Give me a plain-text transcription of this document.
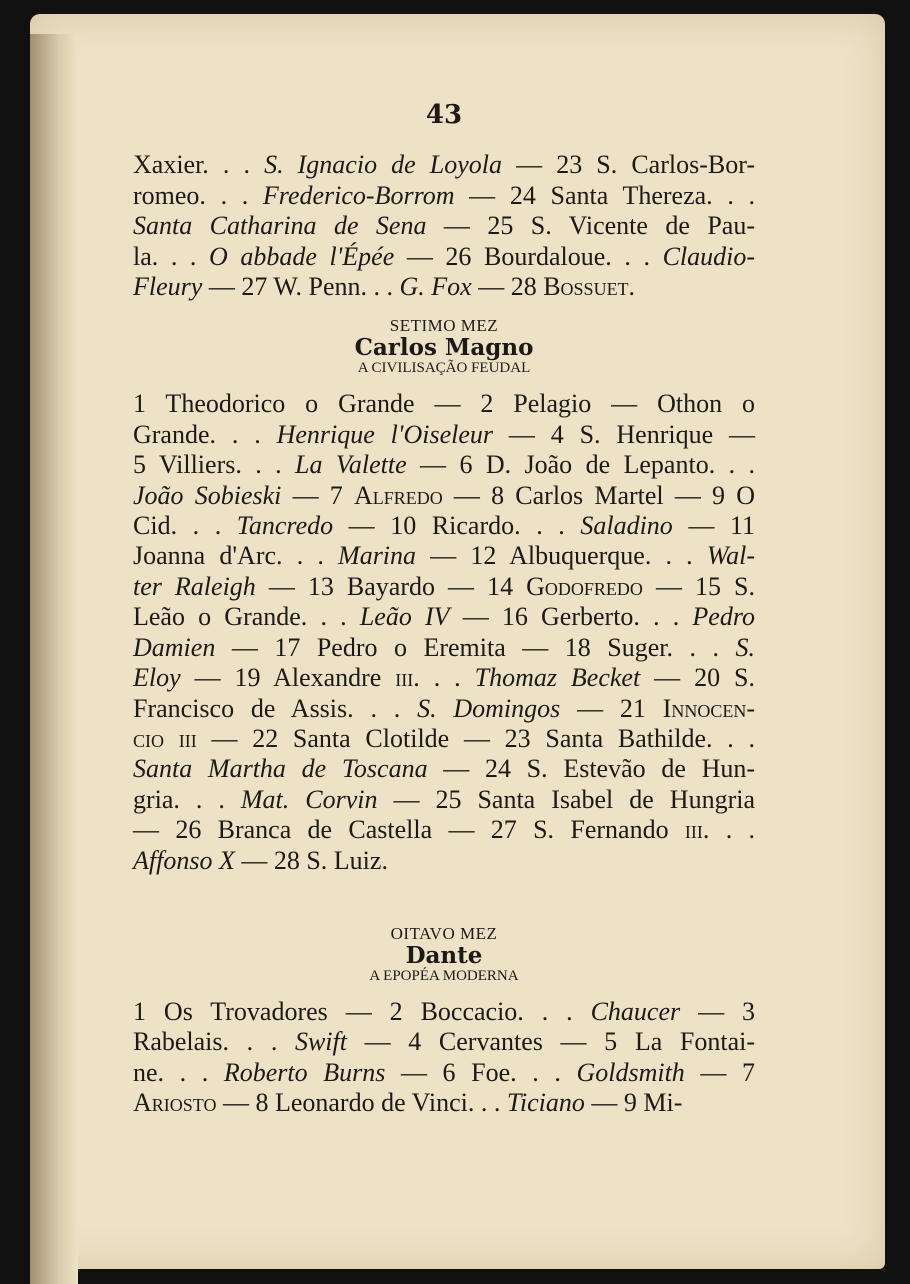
43
Xaxier. . . S. Ignacio de Loyola — 23 S. Carlos-Bor-
romeo. . . Frederico-Borrom — 24 Santa Thereza. . .
Santa Catharina de Sena — 25 S. Vicente de Pau-
la. . . O abbade l'Épée — 26 Bourdaloue. . . Claudio-
Fleury — 27 W. Penn. . . G. Fox — 28 Bossuet.
SETIMO MEZ
Carlos Magno
A CIVILISAÇÃO FEUDAL
1 Theodorico o Grande — 2 Pelagio — Othon o
Grande. . . Henrique l'Oiseleur — 4 S. Henrique —
5 Villiers. . . La Valette — 6 D. João de Lepanto. . .
João Sobieski — 7 Alfredo — 8 Carlos Martel — 9 O
Cid. . . Tancredo — 10 Ricardo. . . Saladino — 11
Joanna d'Arc. . . Marina — 12 Albuquerque. . . Wal-
ter Raleigh — 13 Bayardo — 14 Godofredo — 15 S.
Leão o Grande. . . Leão IV — 16 Gerberto. . . Pedro
Damien — 17 Pedro o Eremita — 18 Suger. . . S.
Eloy — 19 Alexandre iii. . . Thomaz Becket — 20 S.
Francisco de Assis. . . S. Domingos — 21 Innocen-
cio iii — 22 Santa Clotilde — 23 Santa Bathilde. . .
Santa Martha de Toscana — 24 S. Estevão de Hun-
gria. . . Mat. Corvin — 25 Santa Isabel de Hungria
— 26 Branca de Castella — 27 S. Fernando iii. . .
Affonso X — 28 S. Luiz.
OITAVO MEZ
Dante
A EPOPÉA MODERNA
1 Os Trovadores — 2 Boccacio. . . Chaucer — 3
Rabelais. . . Swift — 4 Cervantes — 5 La Fontai-
ne. . . Roberto Burns — 6 Foe. . . Goldsmith — 7
Ariosto — 8 Leonardo de Vinci. . . Ticiano — 9 Mi-
